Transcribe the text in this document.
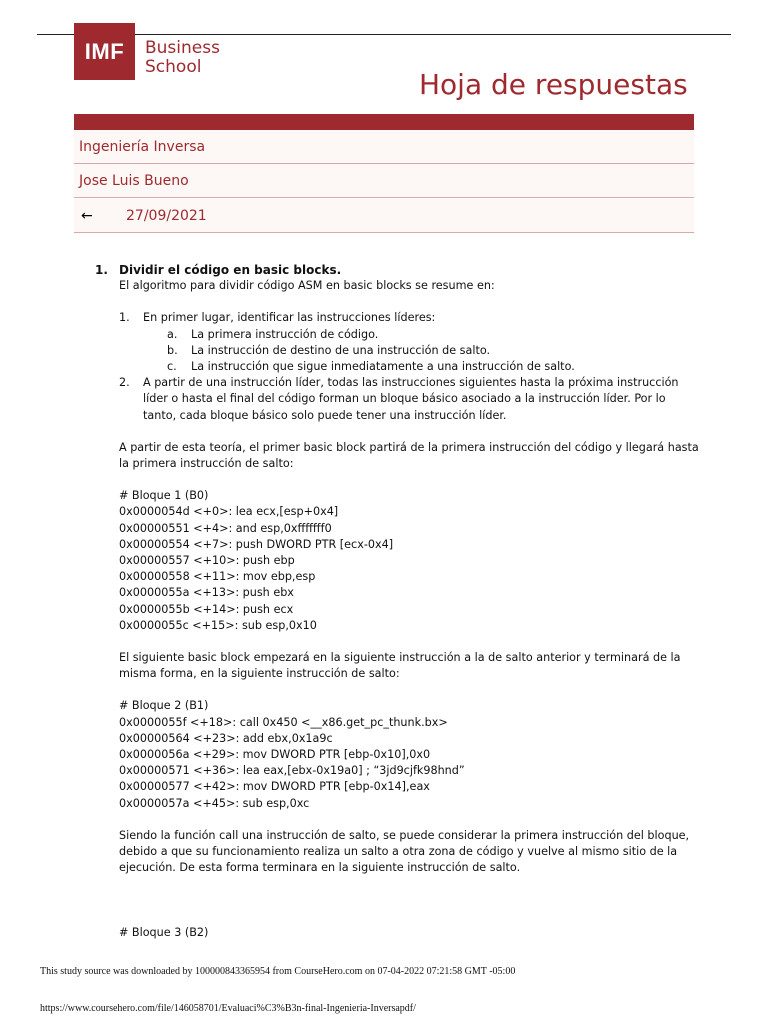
IMF	Business
School
Hoja de respuestas
Ingeniería Inversa
Jose Luis Bueno
← 27/09/2021
1. Dividir el código en basic blocks.

El algoritmo para dividir código ASM en basic blocks se resume en:

1.	En primer lugar, identificar las instrucciones líderes:
a.	La primera instrucción de código.
b.	La instrucción de destino de una instrucción de salto.
c.	La instrucción que sigue inmediatamente a una instrucción de salto.
2.	A partir de una instrucción líder, todas las instrucciones siguientes hasta la próxima instrucción líder o hasta el final del código forman un bloque básico asociado a la instrucción líder. Por lo tanto, cada bloque básico solo puede tener una instrucción líder.

A partir de esta teoría, el primer basic block partirá de la primera instrucción del código y llegará hasta la primera instrucción de salto:

# Bloque 1 (B0)

0x0000054d <+0>: lea ecx,[esp+0x4]

0x00000551 <+4>: and esp,0xfffffff0

0x00000554 <+7>: push DWORD PTR [ecx-0x4]

0x00000557 <+10>: push ebp

0x00000558 <+11>: mov ebp,esp

0x0000055a <+13>: push ebx

0x0000055b <+14>: push ecx

0x0000055c <+15>: sub esp,0x10

El siguiente basic block empezará en la siguiente instrucción a la de salto anterior y terminará de la misma forma, en la siguiente instrucción de salto:

# Bloque 2 (B1)

0x0000055f <+18>: call 0x450 <__x86.get_pc_thunk.bx>

0x00000564 <+23>: add ebx,0x1a9c

0x0000056a <+29>: mov DWORD PTR [ebp-0x10],0x0

0x00000571 <+36>: lea eax,[ebx-0x19a0] ; “3jd9cjfk98hnd”

0x00000577 <+42>: mov DWORD PTR [ebp-0x14],eax

0x0000057a <+45>: sub esp,0xc

Siendo la función call una instrucción de salto, se puede considerar la primera instrucción del bloque, debido a que su funcionamiento realiza un salto a otra zona de código y vuelve al mismo sitio de la ejecución. De esta forma terminara en la siguiente instrucción de salto.

# Bloque 3 (B2)

This study source was downloaded by 100000843365954 from CourseHero.com on 07-04-2022 07:21:58 GMT -05:00
https://www.coursehero.com/file/146058701/Evaluaci%C3%B3n-final-Ingenieria-Inversapdf/
